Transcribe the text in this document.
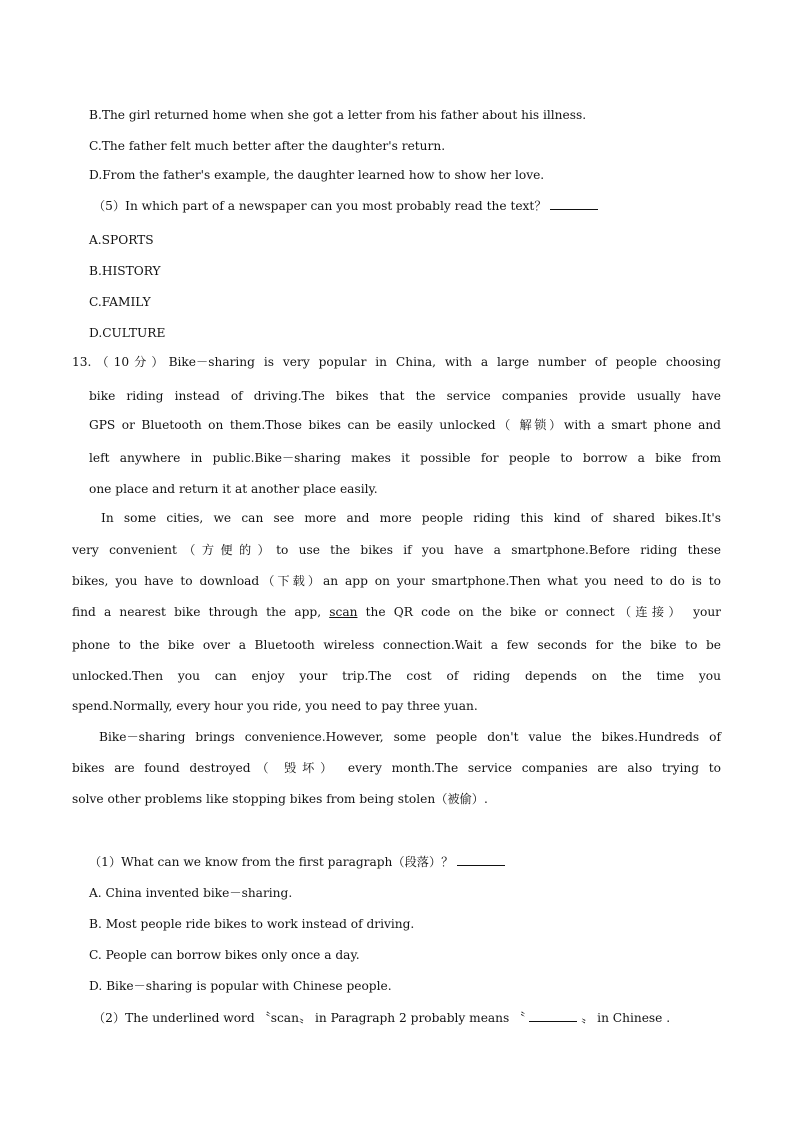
B.The girl returned home when she got a letter from his father about his illness.
C.The father felt much better after the daughter's return.
D.From the father's example, the daughter learned how to show her love.
（5）In which part of a newspaper can you most probably read the text？
A.SPORTS
B.HISTORY
C.FAMILY
D.CULTURE
13.（10分）Bike－sharing is very popular in China, with a large number of people choosing
bike riding instead of driving.The bikes that the service companies provide usually have
GPS or Bluetooth on them.Those bikes can be easily unlocked（ 解锁）with a smart phone and
left anywhere in public.Bike－sharing makes it possible for people to borrow a bike from
one place and return it at another place easily.
In some cities, we can see more and more people riding this kind of shared bikes.It's
very convenient（方便的）to use the bikes if you have a smartphone.Before riding these
bikes, you have to download（下载）an app on your smartphone.Then what you need to do is to
find a nearest bike through the app, scan the QR code on the bike or connect（连接） your
phone to the bike over a Bluetooth wireless connection.Wait a few seconds for the bike to be
unlocked.Then you can enjoy your trip.The cost of riding depends on the time you
spend.Normally, every hour you ride, you need to pay three yuan.
Bike－sharing brings convenience.However, some people don't value the bikes.Hundreds of
bikes are found destroyed（ 毁坏） every month.The service companies are also trying to
solve other problems like stopping bikes from being stolen（被偷）.
（1）What can we know from the first paragraph（段落）？
A. China invented bike－sharing.
B. Most people ride bikes to work instead of driving.
C. People can borrow bikes only once a day.
D. Bike－sharing is popular with Chinese people.
（2）The underlined word 〝scan〟 in Paragraph 2 probably means 〝	〟 in Chinese .
